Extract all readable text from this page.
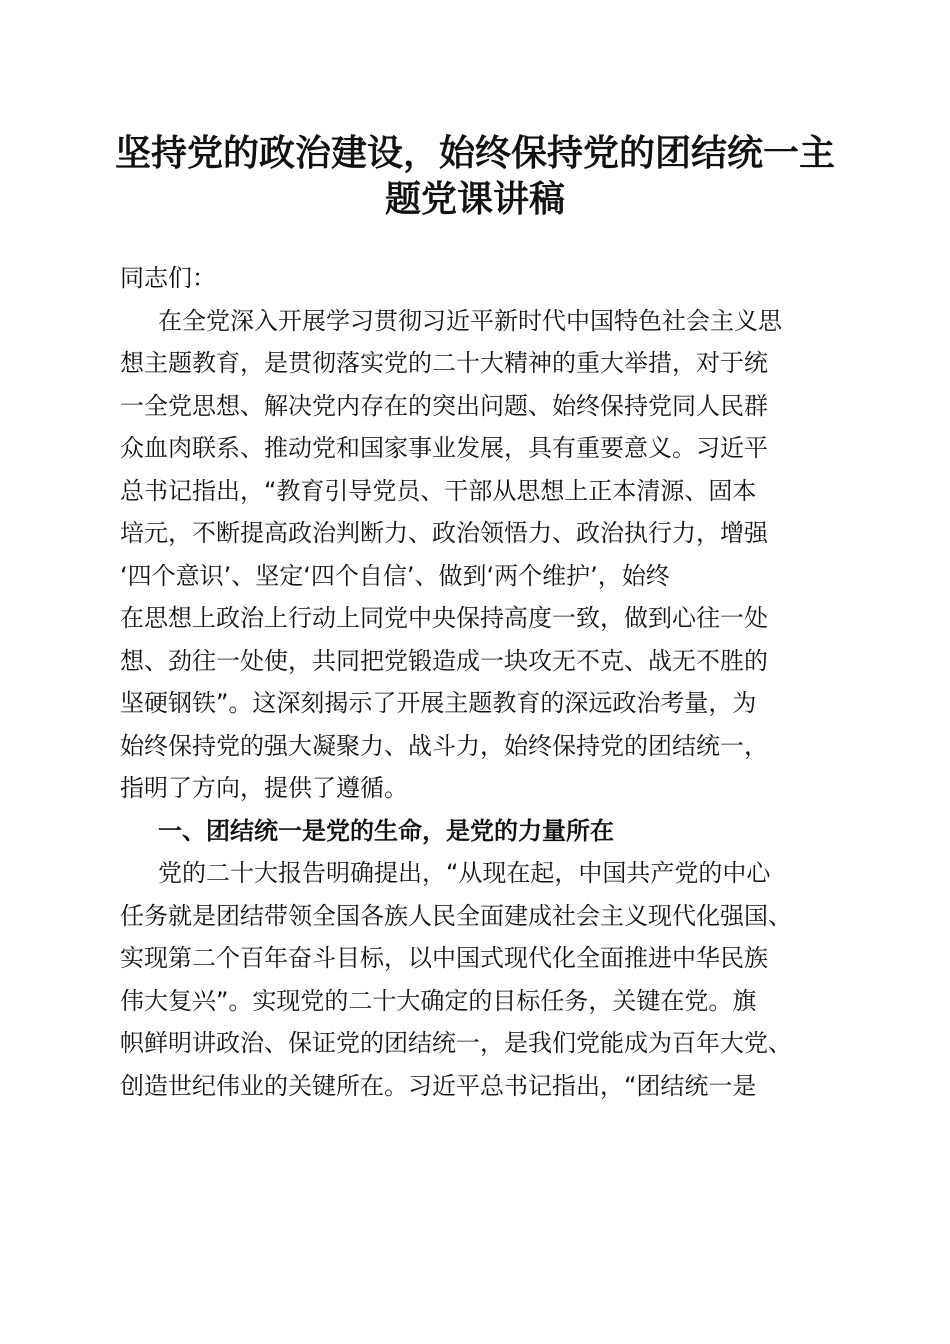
坚持党的政治建设，始终保持党的团结统一主
题党课讲稿
同志们：
在全党深入开展学习贯彻习近平新时代中国特色社会主义思
想主题教育，是贯彻落实党的二十大精神的重大举措，对于统
一全党思想、解决党内存在的突出问题、始终保持党同人民群
众血肉联系、推动党和国家事业发展，具有重要意义。习近平
总书记指出，“教育引导党员、干部从思想上正本清源、固本
培元，不断提高政治判断力、政治领悟力、政治执行力，增强
‘四个意识’、坚定‘四个自信’、做到‘两个维护’，始终
在思想上政治上行动上同党中央保持高度一致，做到心往一处
想、劲往一处使，共同把党锻造成一块攻无不克、战无不胜的
坚硬钢铁”。这深刻揭示了开展主题教育的深远政治考量，为
始终保持党的强大凝聚力、战斗力，始终保持党的团结统一，
指明了方向，提供了遵循。
一、团结统一是党的生命，是党的力量所在
党的二十大报告明确提出，“从现在起，中国共产党的中心
任务就是团结带领全国各族人民全面建成社会主义现代化强国、
实现第二个百年奋斗目标，以中国式现代化全面推进中华民族
伟大复兴”。实现党的二十大确定的目标任务，关键在党。旗
帜鲜明讲政治、保证党的团结统一，是我们党能成为百年大党、
创造世纪伟业的关键所在。习近平总书记指出，“团结统一是
